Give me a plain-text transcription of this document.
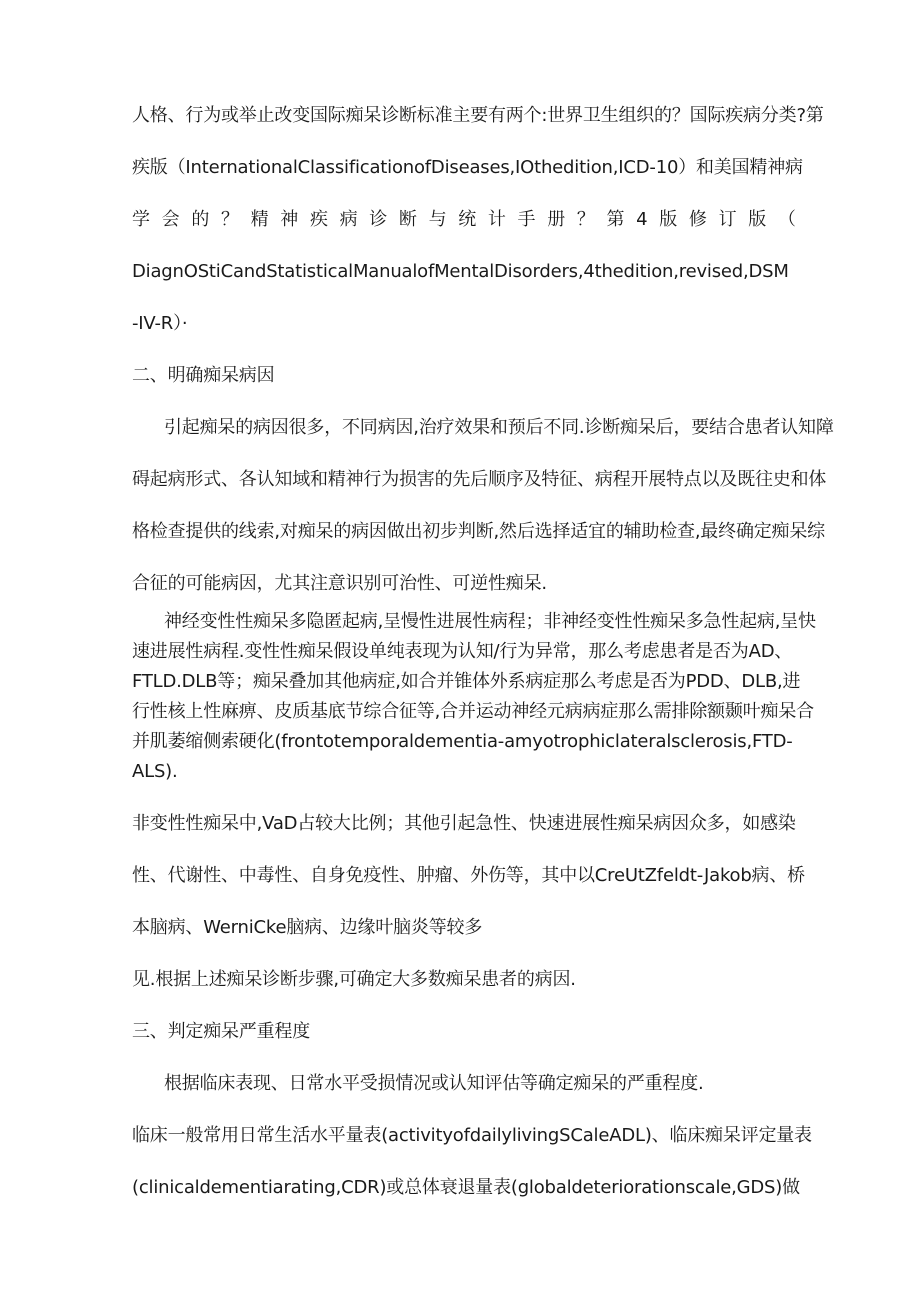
人格、行为或举止改变国际痴呆诊断标准主要有两个:世界卫生组织的？国际疾病分类?第

疾版（InternationalClassificationofDiseases,IOthedition,ICD-10）和美国精神病

学 会 的 ？ 精 神 疾 病 诊 断 与 统 计 手 册 ？ 第 4 版 修 订 版 （

DiagnOStiCandStatisticalManualofMentalDisorders,4thedition,revised,DSM

-IV-R）·

二、明确痴呆病因

引起痴呆的病因很多，不同病因,治疗效果和预后不同.诊断痴呆后，要结合患者认知障

碍起病形式、各认知域和精神行为损害的先后顺序及特征、病程开展特点以及既往史和体

格检查提供的线索,对痴呆的病因做出初步判断,然后选择适宜的辅助检查,最终确定痴呆综

合征的可能病因，尤其注意识别可治性、可逆性痴呆.

神经变性性痴呆多隐匿起病,呈慢性进展性病程；非神经变性性痴呆多急性起病,呈快

速进展性病程.变性性痴呆假设单纯表现为认知/行为异常，那么考虑患者是否为AD、

FTLD.DLB等；痴呆叠加其他病症,如合并锥体外系病症那么考虑是否为PDD、DLB,进

行性核上性麻痹、皮质基底节综合征等,合并运动神经元病病症那么需排除额颞叶痴呆合

并肌萎缩侧索硬化(frontotemporaldementia-amyotrophiclateralsclerosis,FTD-

ALS).

非变性性痴呆中,VaD占较大比例；其他引起急性、快速进展性痴呆病因众多，如感染

性、代谢性、中毒性、自身免疫性、肿瘤、外伤等，其中以CreUtZfeldt-Jakob病、桥

本脑病、WerniCke脑病、边缘叶脑炎等较多

见.根据上述痴呆诊断步骤,可确定大多数痴呆患者的病因.

三、判定痴呆严重程度

根据临床表现、日常水平受损情况或认知评估等确定痴呆的严重程度.

临床一般常用日常生活水平量表(activityofdailylivingSCaleADL)、临床痴呆评定量表

(clinicaldementiarating,CDR)或总体衰退量表(globaldeteriorationscale,GDS)做
